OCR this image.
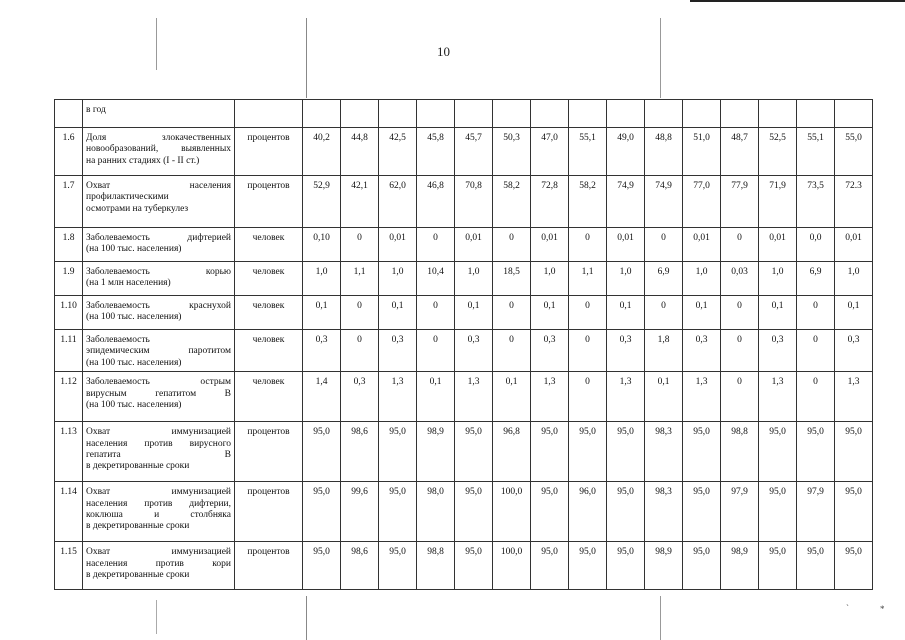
10
	в год																
1.6	Доля злокачественных
новообразований, выявленных
на ранних стадиях (I - II ст.)	процентов	40,2	44,8	42,5	45,8	45,7	50,3	47,0	55,1	49,0	48,8	51,0	48,7	52,5	55,1	55,0
1.7	Охват населения
профилактическими
осмотрами на туберкулез	процентов	52,9	42,1	62,0	46,8	70,8	58,2	72,8	58,2	74,9	74,9	77,0	77,9	71,9	73,5	72.3
1.8	Заболеваемость дифтерией
(на 100 тыс. населения)	человек	0,10	0	0,01	0	0,01	0	0,01	0	0,01	0	0,01	0	0,01	0,0	0,01
1.9	Заболеваемость корью
(на 1 млн населения)	человек	1,0	1,1	1,0	10,4	1,0	18,5	1,0	1,1	1,0	6,9	1,0	0,03	1,0	6,9	1,0
1.10	Заболеваемость краснухой
(на 100 тыс. населения)	человек	0,1	0	0,1	0	0,1	0	0,1	0	0,1	0	0,1	0	0,1	0	0,1
1.11	Заболеваемость
эпидемическим паротитом
(на 100 тыс. населения)	человек	0,3	0	0,3	0	0,3	0	0,3	0	0,3	1,8	0,3	0	0,3	0	0,3
1.12	Заболеваемость острым
вирусным гепатитом В
(на 100 тыс. населения)	человек	1,4	0,3	1,3	0,1	1,3	0,1	1,3	0	1,3	0,1	1,3	0	1,3	0	1,3
1.13	Охват иммунизацией
населения против вирусного
гепатита В
в декретированные сроки	процентов	95,0	98,6	95,0	98,9	95,0	96,8	95,0	95,0	95,0	98,3	95,0	98,8	95,0	95,0	95,0
1.14	Охват иммунизацией
населения против дифтерии,
коклюша и столбняка
в декретированные сроки	процентов	95,0	99,6	95,0	98,0	95,0	100,0	95,0	96,0	95,0	98,3	95,0	97,9	95,0	97,9	95,0
1.15	Охват иммунизацией
населения против кори
в декретированные сроки	процентов	95,0	98,6	95,0	98,8	95,0	100,0	95,0	95,0	95,0	98,9	95,0	98,9	95,0	95,0	95,0
`	*
